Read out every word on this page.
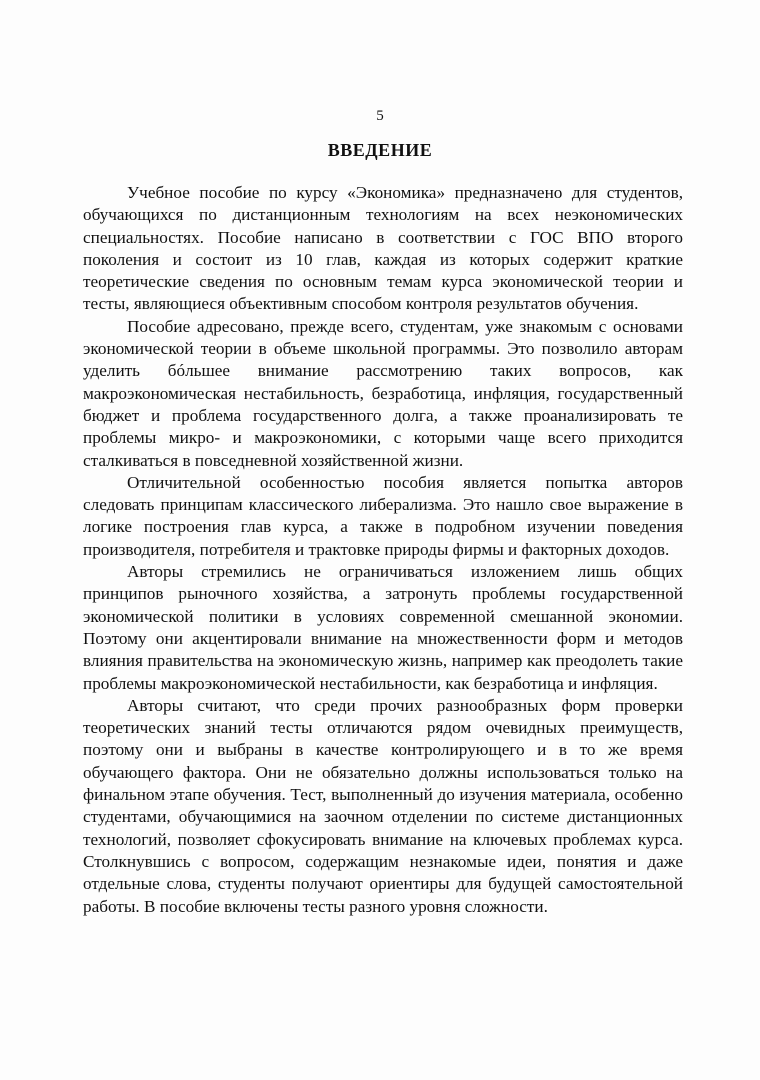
5
ВВЕДЕНИЕ

Учебное пособие по курсу «Экономика» предназначено для студентов, обучающихся по дистанционным технологиям на всех неэкономических специальностях. Пособие написано в соответствии с ГОС ВПО второго поколения и состоит из 10 глав, каждая из которых содержит краткие теоретические сведения по основным темам курса экономической теории и тесты, являющиеся объективным способом контроля результатов обучения.

Пособие адресовано, прежде всего, студентам, уже знакомым с основами экономической теории в объеме школьной программы. Это позволило авторам уделить бóльшее внимание рассмотрению таких вопросов, как макроэкономическая нестабильность, безработица, инфляция, государственный бюджет и проблема государственного долга, а также проанализировать те проблемы микро- и макроэкономики, с которыми чаще всего приходится сталкиваться в повседневной хозяйственной жизни.

Отличительной особенностью пособия является попытка авторов следовать принципам классического либерализма. Это нашло свое выражение в логике построения глав курса, а также в подробном изучении поведения производителя, потребителя и трактовке природы фирмы и факторных доходов.

Авторы стремились не ограничиваться изложением лишь общих принципов рыночного хозяйства, а затронуть проблемы государственной экономической политики в условиях современной смешанной экономии. Поэтому они акцентировали внимание на множественности форм и методов влияния правительства на экономическую жизнь, например как преодолеть такие проблемы макроэкономической нестабильности, как безработица и инфляция.

Авторы считают, что среди прочих разнообразных форм проверки теоретических знаний тесты отличаются рядом очевидных преимуществ, поэтому они и выбраны в качестве контролирующего и в то же время обучающего фактора. Они не обязательно должны использоваться только на финальном этапе обучения. Тест, выполненный до изучения материала, особенно студентами, обучающимися на заочном отделении по системе дистанционных технологий, позволяет сфокусировать внимание на ключевых проблемах курса. Столкнувшись с вопросом, содержащим незнакомые идеи, понятия и даже отдельные слова, студенты получают ориентиры для будущей самостоятельной работы. В пособие включены тесты разного уровня сложности.
